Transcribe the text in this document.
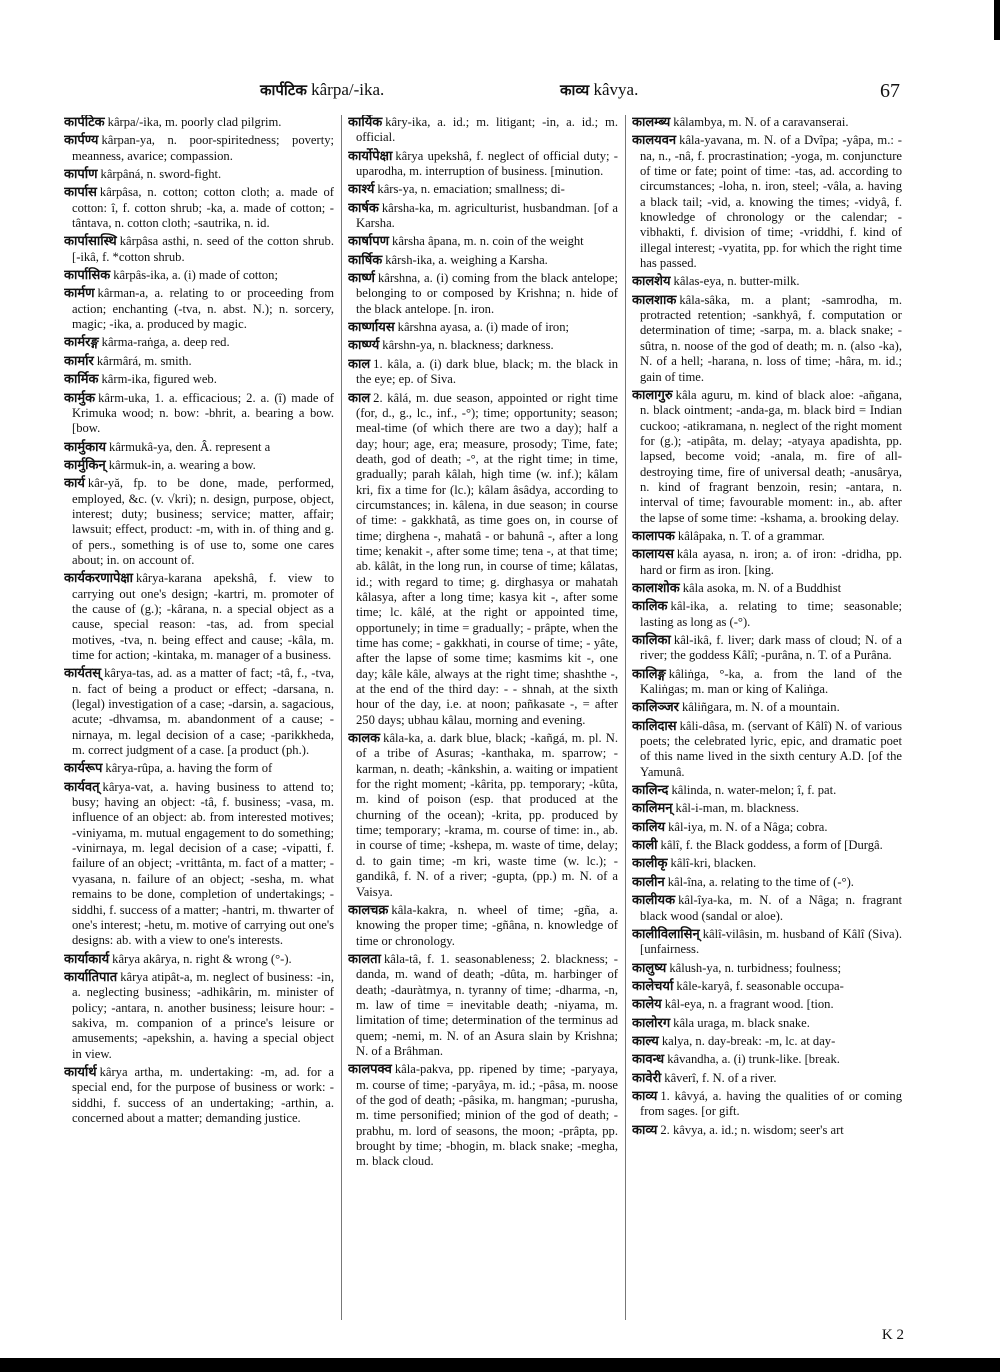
कार्पटिक kârpa/-ika.	काव्य kâvya.	67

कार्पटिक kârpa/-ika, m. poorly clad pilgrim.

कार्पण्य kârpan-ya, n. poor-spiritedness; poverty; meanness, avarice; compassion.

कार्पाण kârpâná, n. sword-fight.

कार्पास kârpâsa, n. cotton; cotton cloth; a. made of cotton: î, f. cotton shrub; -ka, a. made of cotton; -tântava, n. cotton cloth; -sautrika, n. id.

कार्पासास्थि kârpâsa asthi, n. seed of the cotton shrub. [-ikâ, f. *cotton shrub.

कार्पासिक kârpâs-ika, a. (i) made of cotton;

कार्मण kârman-a, a. relating to or proceeding from action; enchanting (-tva, n. abst. N.); n. sorcery, magic; -ika, a. produced by magic.

कार्मरङ्ग kârma-raṅga, a. deep red.

कार्मार kârmârá, m. smith.

कार्मिक kârm-ika, figured web.

कार्मुक kârm-uka, 1. a. efficacious; 2. a. (î) made of Krimuka wood; n. bow: -bhrit, a. bearing a bow. [bow.

कार्मुकाय kârmukâ-ya, den. Â. represent a

कार्मुकिन् kârmuk-in, a. wearing a bow.

कार्य kâr-yă, fp. to be done, made, performed, employed, &c. (v. √kri); n. design, purpose, object, interest; duty; business; service; matter, affair; lawsuit; effect, product: -m, with in. of thing and g. of pers., something is of use to, some one cares about; in. on account of.

कार्यकरणापेक्षा kârya-karana apekshâ, f. view to carrying out one's design; -kartri, m. promoter of the cause of (g.); -kârana, n. a special object as a cause, special reason: -tas, ad. from special motives, -tva, n. being effect and cause; -kâla, m. time for action; -kintaka, m. manager of a business.

कार्यतस् kârya-tas, ad. as a matter of fact; -tâ, f., -tva, n. fact of being a product or effect; -darsana, n. (legal) investigation of a case; -darsin, a. sagacious, acute; -dhvamsa, m. abandonment of a cause; -nirnaya, m. legal decision of a case; -parikkheda, m. correct judgment of a case. [a product (ph.).

कार्यरूप kârya-rûpa, a. having the form of

कार्यवत् kârya-vat, a. having business to attend to; busy; having an object: -tâ, f. business; -vasa, m. influence of an object: ab. from interested motives; -viniyama, m. mutual engagement to do something; -vinirnaya, m. legal decision of a case; -vipatti, f. failure of an object; -vrittânta, m. fact of a matter; -vyasana, n. failure of an object; -sesha, m. what remains to be done, completion of undertakings; -siddhi, f. success of a matter; -hantri, m. thwarter of one's interest; -hetu, m. motive of carrying out one's designs: ab. with a view to one's interests.

कार्याकार्य kârya akârya, n. right & wrong (°-).

कार्यातिपात kârya atipât-a, m. neglect of business: -in, a. neglecting business; -adhikârin, m. minister of policy; -antara, n. another business; leisure hour: -sakiva, m. companion of a prince's leisure or amusements; -apekshin, a. having a special object in view.

कार्यार्थ kârya artha, m. undertaking: -m, ad. for a special end, for the purpose of business or work: -siddhi, f. success of an undertaking; -arthin, a. concerned about a matter; demanding justice.

कार्यिक kâry-ika, a. id.; m. litigant; -in, a. id.; m. official.

कार्योपेक्षा kârya upekshâ, f. neglect of official duty; -uparodha, m. interruption of business. [minution.

कार्श्य kârs-ya, n. emaciation; smallness; di-

कार्षक kârsha-ka, m. agriculturist, husbandman. [of a Karsha.

कार्षापण kârsha âpana, m. n. coin of the weight

कार्षिक kârsh-ika, a. weighing a Karsha.

कार्ष्ण kârshna, a. (i) coming from the black antelope; belonging to or composed by Krishna; n. hide of the black antelope. [n. iron.

कार्ष्णायस kârshna ayasa, a. (i) made of iron;

कार्ष्ण्य kârshn-ya, n. blackness; darkness.

काल 1. kâla, a. (i) dark blue, black; m. the black in the eye; ep. of Siva.

काल 2. kâlá, m. due season, appointed or right time (for, d., g., lc., inf., -°); time; opportunity; season; meal-time (of which there are two a day); half a day; hour; age, era; measure, prosody; Time, fate; death, god of death; -°, at the right time; in time, gradually; parah kâlah, high time (w. inf.); kâlam kri, fix a time for (lc.); kâlam âsâdya, according to circumstances; in. kâlena, in due season; in course of time: - gakkhatâ, as time goes on, in course of time; dirghena -, mahatâ - or bahunâ -, after a long time; kenakit -, after some time; tena -, at that time; ab. kâlât, in the long run, in course of time; kâlatas, id.; with regard to time; g. dirghasya or mahatah kâlasya, after a long time; kasya kit -, after some time; lc. kâlé, at the right or appointed time, opportunely; in time = gradually; - prâpte, when the time has come; - gakkhati, in course of time; - yâte, after the lapse of some time; kasmims kit -, one day; kâle kâle, always at the right time; shashthe -, at the end of the third day: - - shnah, at the sixth hour of the day, i.e. at noon; pañkasate -, = after 250 days; ubhau kâlau, morning and evening.

कालक kâla-ka, a. dark blue, black; -kañgá, m. pl. N. of a tribe of Asuras; -kanthaka, m. sparrow; -karman, n. death; -kânkshin, a. waiting or impatient for the right moment; -kârita, pp. temporary; -kûta, m. kind of poison (esp. that produced at the churning of the ocean); -krita, pp. produced by time; temporary; -krama, m. course of time: in., ab. in course of time; -kshepa, m. waste of time, delay; d. to gain time; -m kri, waste time (w. lc.); -gandikâ, f. N. of a river; -gupta, (pp.) m. N. of a Vaisya.

कालचक्र kâla-kakra, n. wheel of time; -gña, a. knowing the proper time; -gñâna, n. knowledge of time or chronology.

कालता kâla-tâ, f. 1. seasonableness; 2. blackness; -danda, m. wand of death; -dûta, m. harbinger of death; -dauràtmya, n. tyranny of time; -dharma, -n, m. law of time = inevitable death; -niyama, m. limitation of time; determination of the terminus ad quem; -nemi, m. N. of an Asura slain by Krishna; N. of a Brâhman.

कालपक्व kâla-pakva, pp. ripened by time; -paryaya, m. course of time; -paryâya, m. id.; -pâsa, m. noose of the god of death; -pâsika, m. hangman; -purusha, m. time personified; minion of the god of death; -prabhu, m. lord of seasons, the moon; -prâpta, pp. brought by time; -bhogin, m. black snake; -megha, m. black cloud.

कालम्ब्य kâlambya, m. N. of a caravanserai.

कालयवन kâla-yavana, m. N. of a Dvîpa; -yâpa, m.: -na, n., -nâ, f. procrastination; -yoga, m. conjuncture of time or fate; point of time: -tas, ad. according to circumstances; -loha, n. iron, steel; -vâla, a. having a black tail; -vid, a. knowing the times; -vidyâ, f. knowledge of chronology or the calendar; -vibhakti, f. division of time; -vriddhi, f. kind of illegal interest; -vyatita, pp. for which the right time has passed.

कालशेय kâlas-eya, n. butter-milk.

कालशाक kâla-sâka, m. a plant; -samrodha, m. protracted retention; -sankhyâ, f. computation or determination of time; -sarpa, m. a. black snake; -sûtra, n. noose of the god of death; m. n. (also -ka), N. of a hell; -harana, n. loss of time; -hâra, m. id.; gain of time.

कालागुरु kâla aguru, m. kind of black aloe: -añgana, n. black ointment; -anda-ga, m. black bird = Indian cuckoo; -atikramana, n. neglect of the right moment for (g.); -atipâta, m. delay; -atyaya apadishta, pp. lapsed, become void; -anala, m. fire of all-destroying time, fire of universal death; -anusârya, n. kind of fragrant benzoin, resin; -antara, n. interval of time; favourable moment: in., ab. after the lapse of some time: -kshama, a. brooking delay.

कालापक kâlâpaka, n. T. of a grammar.

कालायस kâla ayasa, n. iron; a. of iron: -dridha, pp. hard or firm as iron. [king.

कालाशोक kâla asoka, m. N. of a Buddhist

कालिक kâl-ika, a. relating to time; seasonable; lasting as long as (-°).

कालिका kâl-ikâ, f. liver; dark mass of cloud; N. of a river; the goddess Kâlî; -purâna, n. T. of a Purâna.

कालिङ्ग kâliṅga, °-ka, a. from the land of the Kaliṅgas; m. man or king of Kaliṅga.

कालिञ्जर kâliñgara, m. N. of a mountain.

कालिदास kâli-dâsa, m. (servant of Kâlî) N. of various poets; the celebrated lyric, epic, and dramatic poet of this name lived in the sixth century A.D. [of the Yamunâ.

कालिन्द kâlinda, n. water-melon; î, f. pat.

कालिमन् kâl-i-man, m. blackness.

कालिय kâl-iya, m. N. of a Nâga; cobra.

काली kâlî, f. the Black goddess, a form of [Durgâ.

कालीकृ kâlî-kri, blacken.

कालीन kâl-îna, a. relating to the time of (-°).

कालीयक kâl-îya-ka, m. N. of a Nâga; n. fragrant black wood (sandal or aloe).

कालीविलासिन् kâlî-vilâsin, m. husband of Kâlî (Siva). [unfairness.

कालुष्य kâlush-ya, n. turbidness; foulness;

कालेचर्या kâle-karyâ, f. seasonable occupa-

कालेय kâl-eya, n. a fragrant wood. [tion.

कालोरग kâla uraga, m. black snake.

काल्य kalya, n. day-break: -m, lc. at day-

कावन्ध kâvandha, a. (i) trunk-like. [break.

कावेरी kâverî, f. N. of a river.

काव्य 1. kâvyá, a. having the qualities of or coming from sages. [or gift.

काव्य 2. kâvya, a. id.; n. wisdom; seer's art

K 2
